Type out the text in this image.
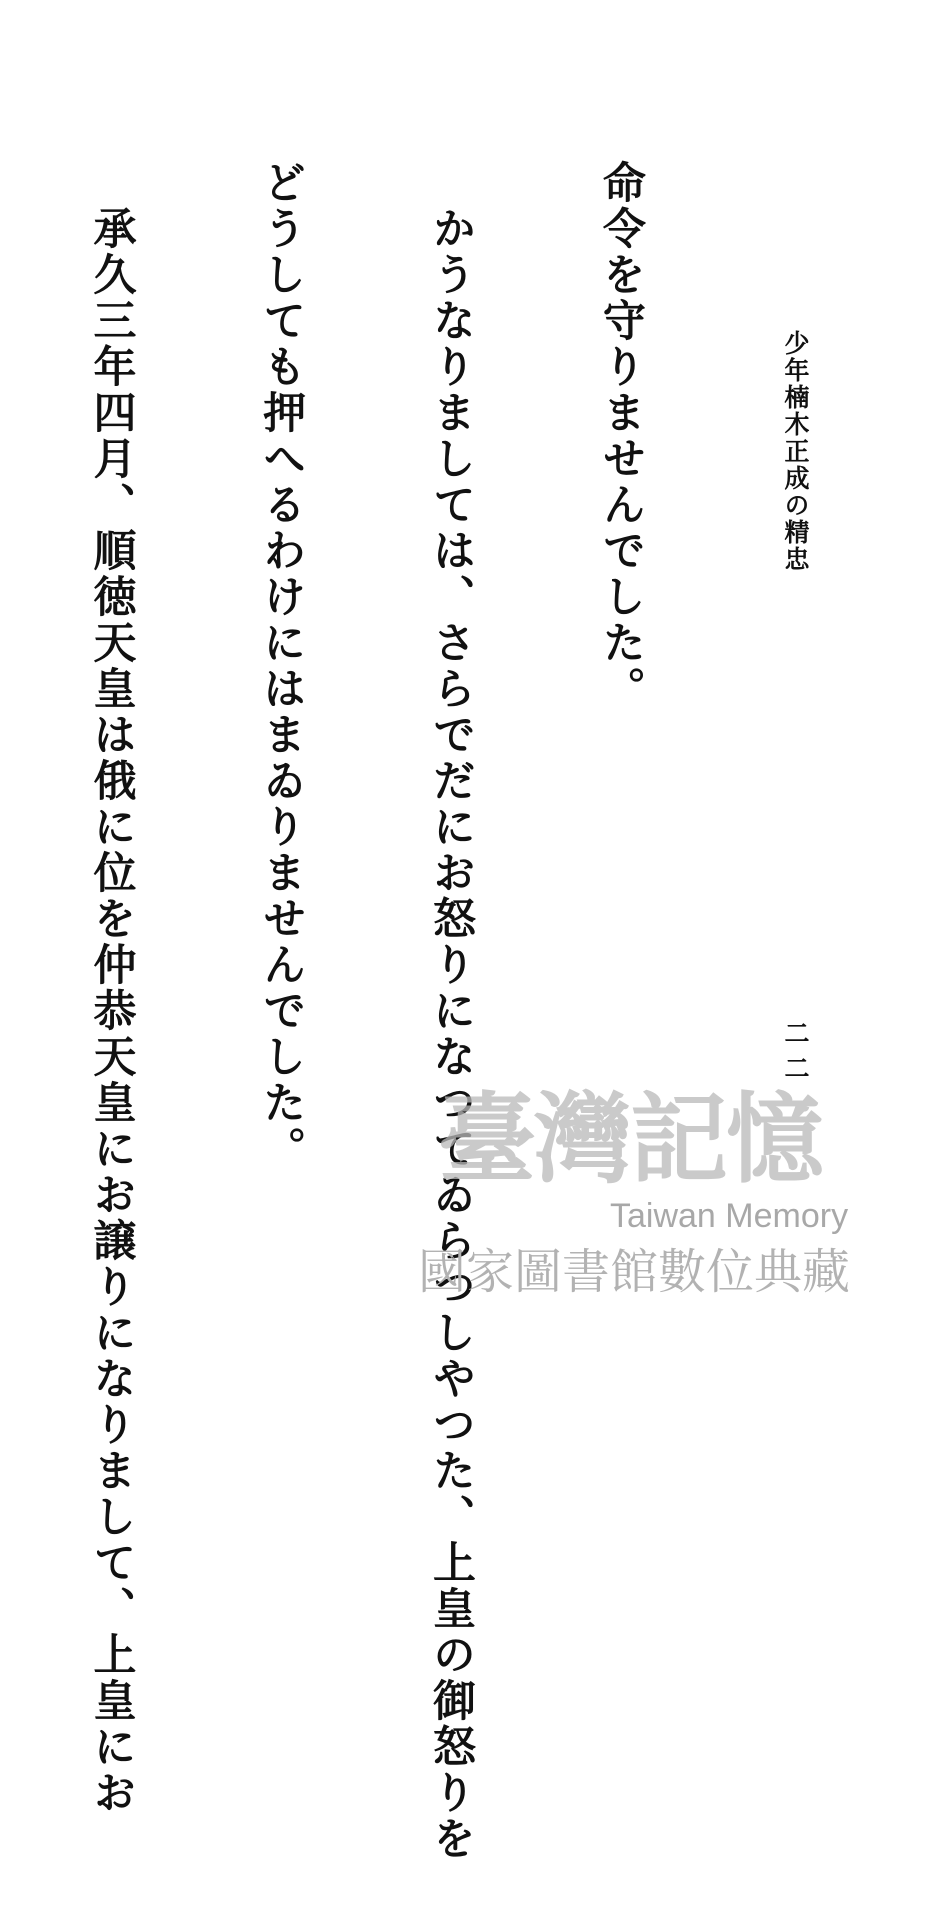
少年楠木正成の精忠
二二

命令を守りませんでした。

　かうなりましては、さらでだにお怒りになつてゐらつしやつた、上皇の御怒りを

どうしても押へるわけにはまゐりませんでした。

　承久三年四月、順徳天皇は俄に位を仲恭天皇にお譲りになりまして、上皇にお

	臺灣記憶
Taiwan Memory
國家圖書館數位典藏
